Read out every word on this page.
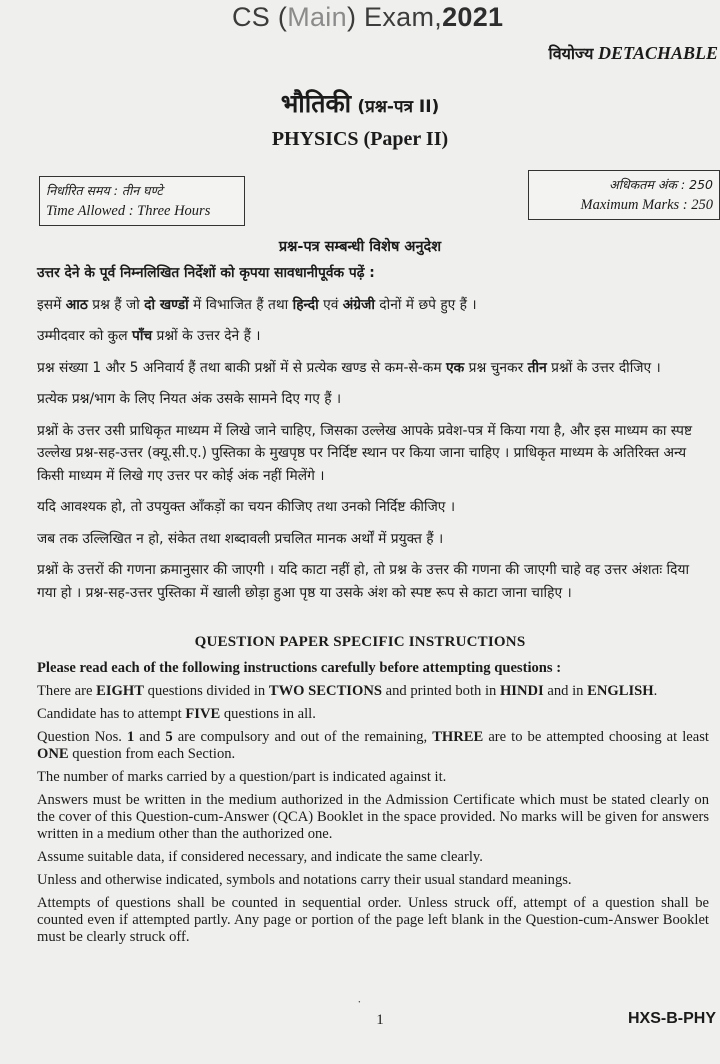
CS (Main) Exam,2021
वियोज्य DETACHABLE
भौतिकी (प्रश्न-पत्र II)
PHYSICS (Paper II)
निर्धारित समय : तीन घण्टे
Time Allowed : Three Hours
अधिकतम अंक : 250
Maximum Marks : 250
प्रश्न-पत्र सम्बन्धी विशेष अनुदेश

उत्तर देने के पूर्व निम्नलिखित निर्देशों को कृपया सावधानीपूर्वक पढ़ें :

इसमें आठ प्रश्न हैं जो दो खण्डों में विभाजित हैं तथा हिन्दी एवं अंग्रेजी दोनों में छपे हुए हैं ।

उम्मीदवार को कुल पाँच प्रश्नों के उत्तर देने हैं ।

प्रश्न संख्या 1 और 5 अनिवार्य हैं तथा बाकी प्रश्नों में से प्रत्येक खण्ड से कम-से-कम एक प्रश्न चुनकर तीन प्रश्नों के उत्तर दीजिए ।

प्रत्येक प्रश्न/भाग के लिए नियत अंक उसके सामने दिए गए हैं ।

प्रश्नों के उत्तर उसी प्राधिकृत माध्यम में लिखे जाने चाहिए, जिसका उल्लेख आपके प्रवेश-पत्र में किया गया है, और इस माध्यम का स्पष्ट उल्लेख प्रश्न-सह-उत्तर (क्यू.सी.ए.) पुस्तिका के मुखपृष्ठ पर निर्दिष्ट स्थान पर किया जाना चाहिए । प्राधिकृत माध्यम के अतिरिक्त अन्य किसी माध्यम में लिखे गए उत्तर पर कोई अंक नहीं मिलेंगे ।

यदि आवश्यक हो, तो उपयुक्त आँकड़ों का चयन कीजिए तथा उनको निर्दिष्ट कीजिए ।

जब तक उल्लिखित न हो, संकेत तथा शब्दावली प्रचलित मानक अर्थों में प्रयुक्त हैं ।

प्रश्नों के उत्तरों की गणना क्रमानुसार की जाएगी । यदि काटा नहीं हो, तो प्रश्न के उत्तर की गणना की जाएगी चाहे वह उत्तर अंशतः दिया गया हो । प्रश्न-सह-उत्तर पुस्तिका में खाली छोड़ा हुआ पृष्ठ या उसके अंश को स्पष्ट रूप से काटा जाना चाहिए ।

QUESTION PAPER SPECIFIC INSTRUCTIONS

Please read each of the following instructions carefully before attempting questions :

There are EIGHT questions divided in TWO SECTIONS and printed both in HINDI and in ENGLISH.

Candidate has to attempt FIVE questions in all.

Question Nos. 1 and 5 are compulsory and out of the remaining, THREE are to be attempted choosing at least ONE question from each Section.

The number of marks carried by a question/part is indicated against it.

Answers must be written in the medium authorized in the Admission Certificate which must be stated clearly on the cover of this Question-cum-Answer (QCA) Booklet in the space provided. No marks will be given for answers written in a medium other than the authorized one.

Assume suitable data, if considered necessary, and indicate the same clearly.

Unless and otherwise indicated, symbols and notations carry their usual standard meanings.

Attempts of questions shall be counted in sequential order. Unless struck off, attempt of a question shall be counted even if attempted partly. Any page or portion of the page left blank in the Question-cum-Answer Booklet must be clearly struck off.

˙
1	HXS-B-PHY
